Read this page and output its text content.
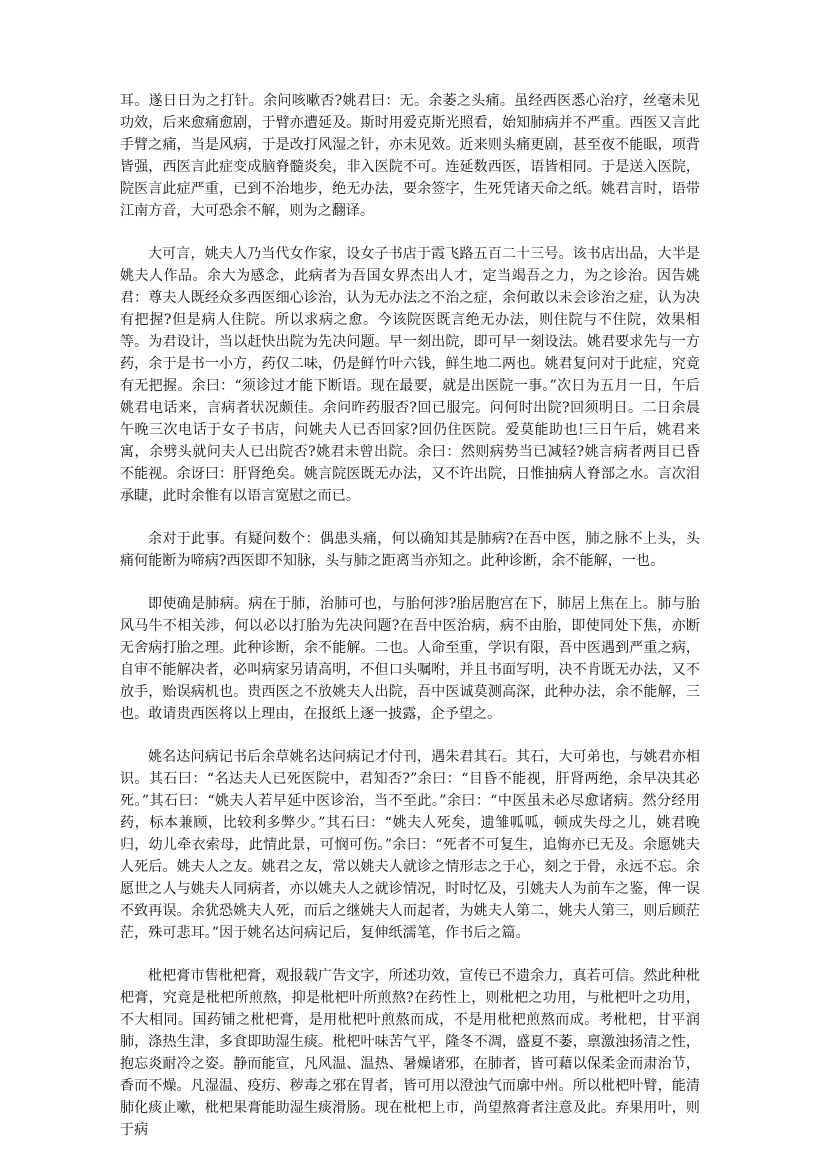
耳。遂日日为之打针。余问咳嗽否?姚君曰：无。余萎之头痛。虽经西医悉心治疗，丝毫未见功效，后来愈痛愈剧，于臂亦遭延及。斯时用爱克斯光照看，始知肺病并不严重。西医又言此手臂之痛，当是风病，于是改打风湿之针，亦未见效。近来则头痛更剧，甚至夜不能眠，项背皆强，西医言此症变成脑脊髓炎矣，非入医院不可。连延数西医，语皆相同。于是送入医院，院医言此症严重，已到不治地步，绝无办法，要余签字，生死凭诸天命之纸。姚君言时，语带江南方音，大可恐余不解，则为之翻译。

大可言，姚夫人乃当代女作家，设女子书店于霞飞路五百二十三号。该书店出品，大半是姚夫人作品。余大为感念，此病者为吾国女界杰出人才，定当竭吾之力，为之诊治。因告姚君：尊夫人既经众多西医细心诊治，认为无办法之不治之症，余何敢以未会诊治之症，认为决有把握?但是病人住院。所以求病之愈。今该院医既言绝无办法，则住院与不住院，效果相等。为君设计，当以赶快出院为先决问题。早一刻出院，即可早一刻设法。姚君要求先与一方药，余于是书一小方，药仅二味，仍是鲜竹叶六钱，鲜生地二两也。姚君复问对于此症，究竟有无把握。余曰：“须诊过才能下断语。现在最要，就是出医院一事。”次日为五月一日，午后姚君电话来，言病者状况颇佳。余问昨药服否?回已服完。问何时出院?回须明日。二日余晨午晚三次电话于女子书店，问姚夫人已否回家?回仍住医院。爱莫能助也!三日午后，姚君来寓，余劈头就问夫人已出院否?姚君未曾出院。余曰：然则病势当已减轻?姚言病者两目已昏不能视。余讶曰：肝肾绝矣。姚言院医既无办法，又不许出院，日惟抽病人脊部之水。言次泪承睫，此时余惟有以语言宽慰之而已。

余对于此事。有疑问数个：偶患头痛，何以确知其是肺病?在吾中医，肺之脉不上头，头痛何能断为啼病?西医即不知脉，头与肺之距离当亦知之。此种诊断，余不能解，一也。

即使确是肺病。病在于肺，治肺可也，与胎何涉?胎居胞宫在下，肺居上焦在上。肺与胎风马牛不相关涉，何以必以打胎为先决问题?在吾中医治病，病不由胎，即使同处下焦，亦断无舍病打胎之理。此种诊断，余不能解。二也。人命至重，学识有限，吾中医遇到严重之病，自审不能解决者，必叫病家另请高明，不但口头嘱咐，并且书面写明，决不肯既无办法，又不放手，贻误病机也。贵西医之不放姚夫人出院，吾中医诚莫测高深，此种办法，余不能解，三也。敢请贵西医将以上理由，在报纸上逐一披露，企予望之。

姚名达问病记书后余草姚名达问病记才付刊，遇朱君其石。其石，大可弟也，与姚君亦相识。其石曰：“名达夫人已死医院中，君知否?”余曰：“目昏不能视，肝肾两绝，余早决其必死。”其石曰：“姚夫人若早延中医诊治，当不至此。”余曰：“中医虽未必尽愈诸病。然分经用药，标本兼顾，比较利多弊少。”其石曰：“姚夫人死矣，遗雏呱呱，顿成失母之儿，姚君晚归，幼儿牵衣索母，此情此景，可悯可伤。”余曰：“死者不可复生，追悔亦已无及。余愿姚夫人死后。姚夫人之友。姚君之友，常以姚夫人就诊之情形志之于心，刻之于骨，永远不忘。余愿世之人与姚夫人同病者，亦以姚夫人之就诊情况，时时忆及，引姚夫人为前车之鉴，俾一误不致再误。余犹恐姚夫人死，而后之继姚夫人而起者，为姚夫人第二，姚夫人第三，则后顾茫茫，殊可悲耳。”因于姚名达问病记后，复伸纸濡笔，作书后之篇。

枇杷膏市售枇杷膏，观报载广告文字，所述功效，宣传已不遗余力，真若可信。然此种枇杷膏，究竟是枇杷所煎熬，抑是枇杷叶所煎熬?在药性上，则枇杷之功用，与枇杷叶之功用，不大相同。国药铺之枇杷膏，是用枇杷叶煎熬而成，不是用枇杷煎熬而成。考枇杷，甘平润肺，涤热生津，多食即助湿生痰。枇杷叶味苦气平，隆冬不凋，盛夏不萎，禀激浊扬清之性，抱忘炎耐冷之姿。静而能宣，凡风温、温热、暑燥诸邪，在肺者，皆可藉以保柔金而肃治节，香而不燥。凡湿温、疫疠、秽毒之邪在胃者，皆可用以澄浊气而廓中州。所以枇杷叶臂，能清肺化痰止嗽，枇杷果膏能助湿生痰滑肠。现在枇杷上市，尚望熬膏者注意及此。弃果用叶，则于病
